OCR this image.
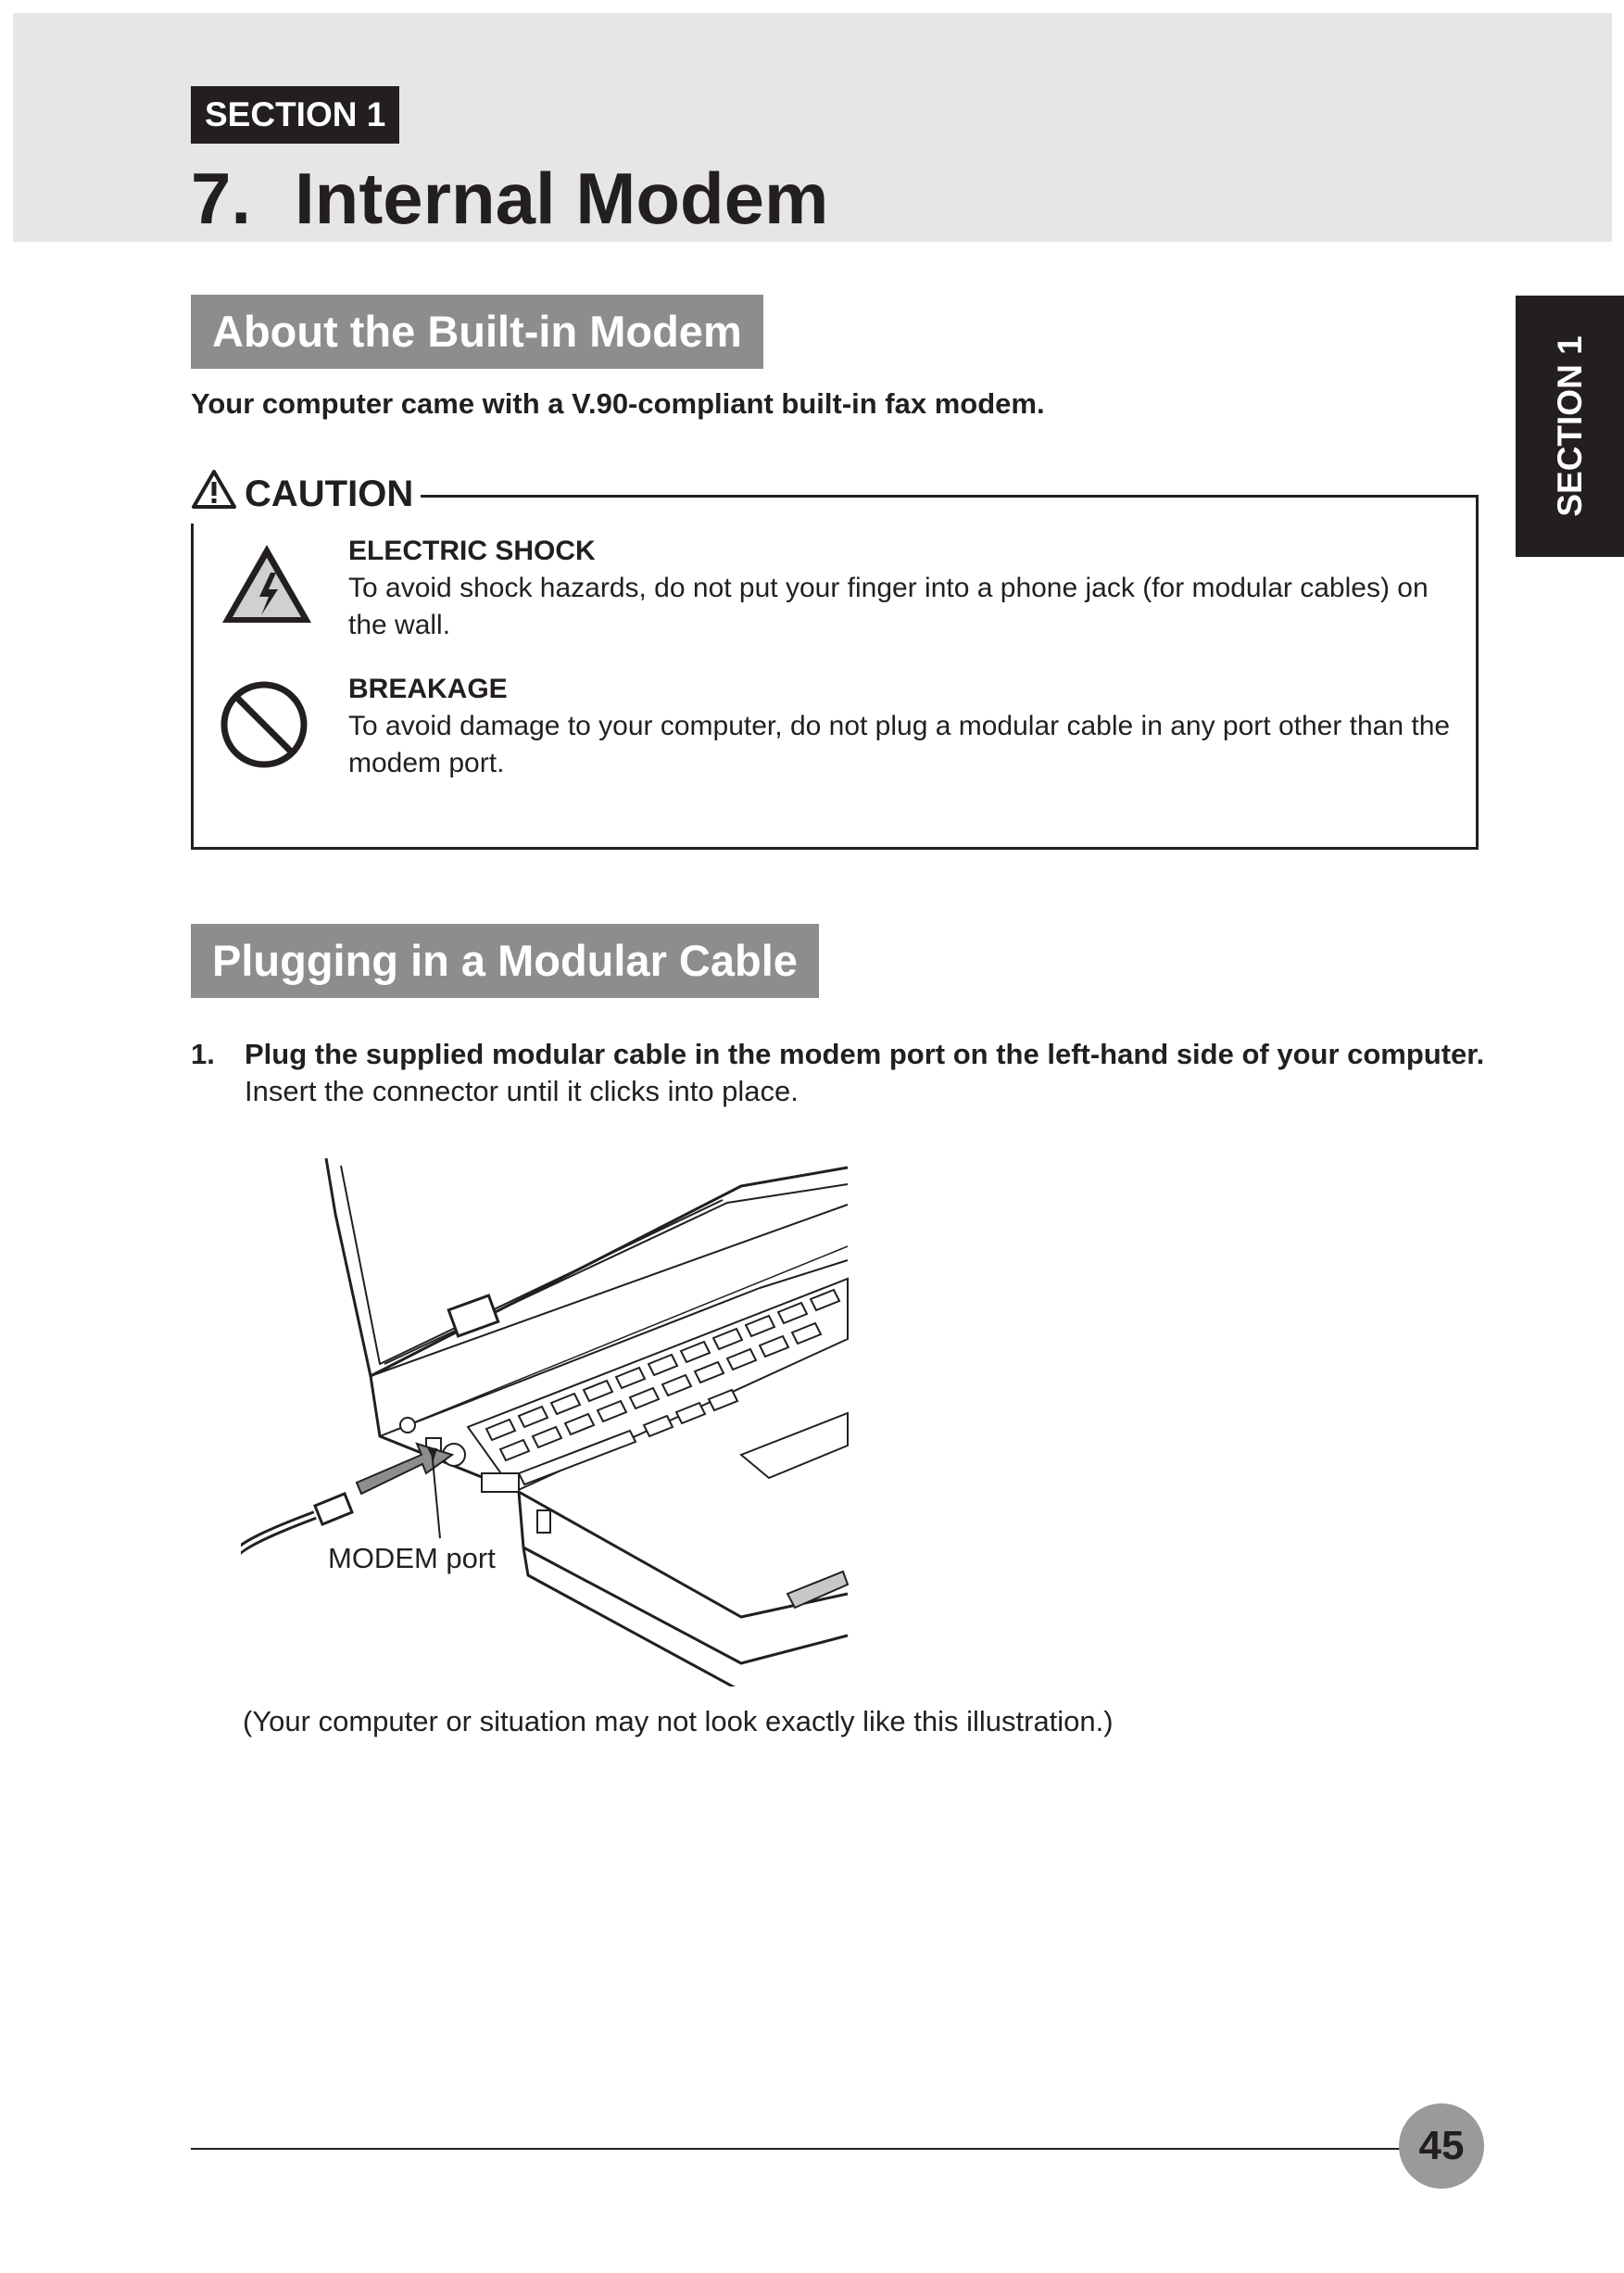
SECTION 1
7. Internal Modem
SECTION 1
About the Built-in Modem
Your computer came with a V.90-compliant built-in fax modem.
CAUTION
ELECTRIC SHOCK
To avoid shock hazards, do not put your finger into a phone jack (for modular cables) on the wall.
BREAKAGE
To avoid damage to your computer, do not plug a modular cable in any port other than the modem port.
Plugging in a Modular Cable
1. Plug the supplied modular cable in the modem port on the left-hand side of your computer.
Insert the connector until it clicks into place.
MODEM port
(Your computer or situation may not look exactly like this illustration.)
45
